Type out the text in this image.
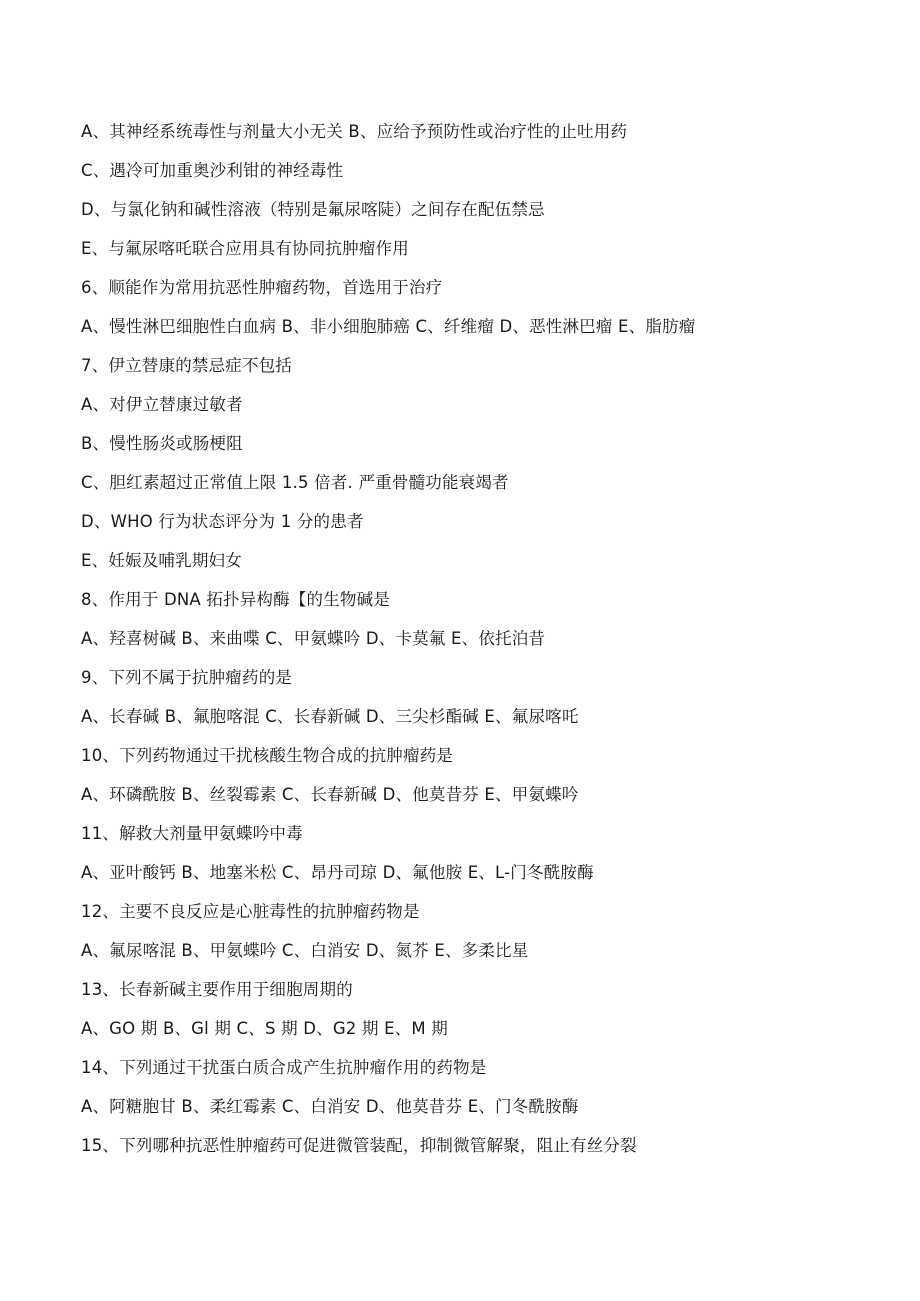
A、其神经系统毒性与剂量大小无关 B、应给予预防性或治疗性的止吐用药
C、遇冷可加重奥沙利钳的神经毒性
D、与氯化钠和碱性溶液（特别是氟尿喀陡）之间存在配伍禁忌
E、与氟尿喀吒联合应用具有协同抗肿瘤作用
6、顺能作为常用抗恶性肿瘤药物，首选用于治疗
A、慢性淋巴细胞性白血病 B、非小细胞肺癌 C、纤维瘤 D、恶性淋巴瘤 E、脂肪瘤
7、伊立替康的禁忌症不包括
A、对伊立替康过敏者
B、慢性肠炎或肠梗阻
C、胆红素超过正常值上限 1.5 倍者. 严重骨髓功能衰竭者
D、WHO 行为状态评分为 1 分的患者
E、妊娠及哺乳期妇女
8、作用于 DNA 拓扑异构酶【的生物碱是
A、羟喜树碱 B、来曲喋 C、甲氨蝶吟 D、卡莫氟 E、依托泊昔
9、下列不属于抗肿瘤药的是
A、长春碱 B、氟胞喀混 C、长春新碱 D、三尖杉酯碱 E、氟尿喀吒
10、下列药物通过干扰核酸生物合成的抗肿瘤药是
A、环磷酰胺 B、丝裂霉素 C、长春新碱 D、他莫昔芬 E、甲氨蝶吟
11、解救大剂量甲氨蝶吟中毒
A、亚叶酸钙 B、地塞米松 C、昂丹司琼 D、氟他胺 E、L-门冬酰胺酶
12、主要不良反应是心脏毒性的抗肿瘤药物是
A、氟尿喀混 B、甲氨蝶吟 C、白消安 D、氮芥 E、多柔比星
13、长春新碱主要作用于细胞周期的
A、GO 期 B、Gl 期 C、S 期 D、G2 期 E、M 期
14、下列通过干扰蛋白质合成产生抗肿瘤作用的药物是
A、阿糖胞甘 B、柔红霉素 C、白消安 D、他莫昔芬 E、门冬酰胺酶
15、下列哪种抗恶性肿瘤药可促进微管装配，抑制微管解聚，阻止有丝分裂
